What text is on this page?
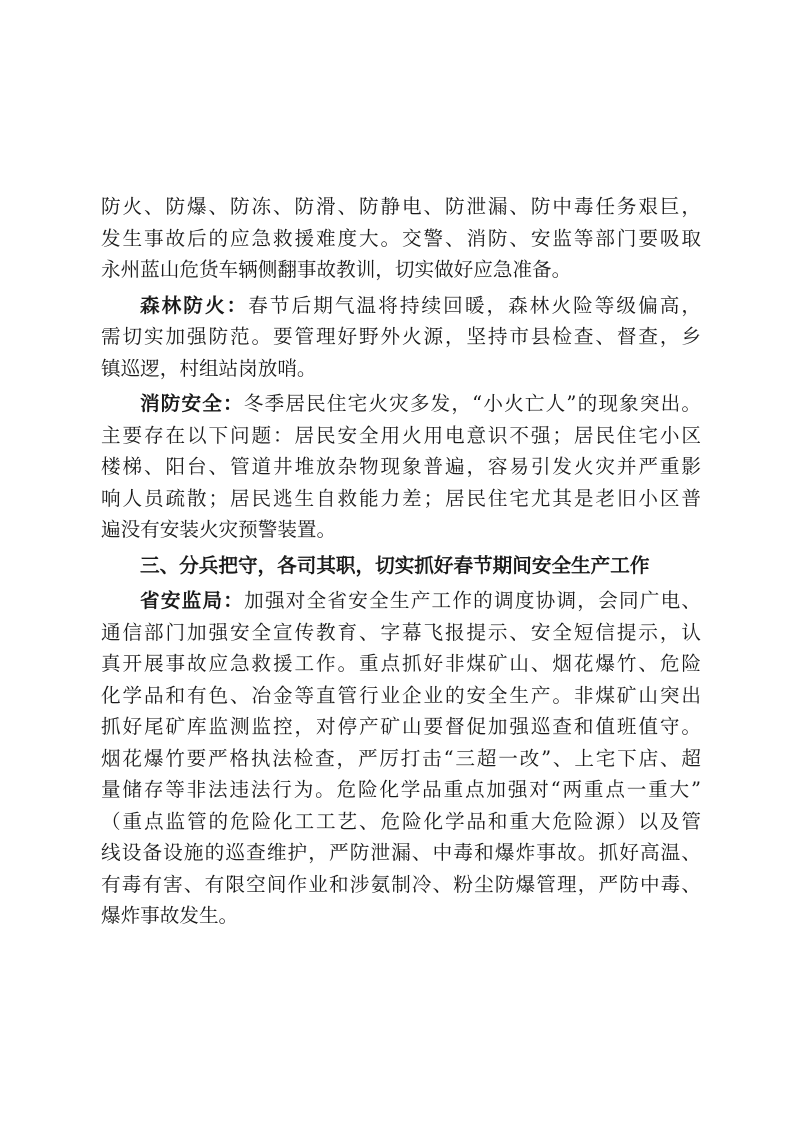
防火、防爆、防冻、防滑、防静电、防泄漏、防中毒任务艰巨，
发生事故后的应急救援难度大。交警、消防、安监等部门要吸取
永州蓝山危货车辆侧翻事故教训，切实做好应急准备。
森林防火：春节后期气温将持续回暖，森林火险等级偏高，
需切实加强防范。要管理好野外火源，坚持市县检查、督查，乡
镇巡逻，村组站岗放哨。
消防安全：冬季居民住宅火灾多发，“小火亡人”的现象突出。
主要存在以下问题：居民安全用火用电意识不强；居民住宅小区
楼梯、阳台、管道井堆放杂物现象普遍，容易引发火灾并严重影
响人员疏散；居民逃生自救能力差；居民住宅尤其是老旧小区普
遍没有安装火灾预警装置。
三、分兵把守，各司其职，切实抓好春节期间安全生产工作
省安监局：加强对全省安全生产工作的调度协调，会同广电、
通信部门加强安全宣传教育、字幕飞报提示、安全短信提示，认
真开展事故应急救援工作。重点抓好非煤矿山、烟花爆竹、危险
化学品和有色、冶金等直管行业企业的安全生产。非煤矿山突出
抓好尾矿库监测监控，对停产矿山要督促加强巡查和值班值守。
烟花爆竹要严格执法检查，严厉打击“三超一改”、上宅下店、超
量储存等非法违法行为。危险化学品重点加强对“两重点一重大”
（重点监管的危险化工工艺、危险化学品和重大危险源）以及管
线设备设施的巡查维护，严防泄漏、中毒和爆炸事故。抓好高温、
有毒有害、有限空间作业和涉氨制冷、粉尘防爆管理，严防中毒、
爆炸事故发生。
